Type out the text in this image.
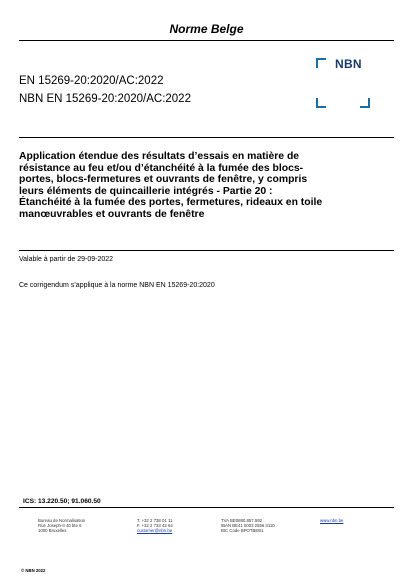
Norme Belge
EN 15269-20:2020/AC:2022
NBN EN 15269-20:2020/AC:2022
NBN
Application étendue des résultats d’essais en matière de
résistance au feu et/ou d’étanchéité à la fumée des blocs-
portes, blocs-fermetures et ouvrants de fenêtre, y compris
leurs éléments de quincaillerie intégrés - Partie 20 :
Étanchéité à la fumée des portes, fermetures, rideaux en toile
manœuvrables et ouvrants de fenêtre
Valable à partir de 29-09-2022
Ce corrigendum s’applique à la norme NBN EN 15269-20:2020
ICS: 13.220.50; 91.060.50
Bureau de Normalisation
Rue Joseph-II 40 bte 6
1000 Bruxelles
T. +32 2 738 01 11
F. +32 2 733 42 64
customer@nbn.be
TVA BE0880.857.592
IBAN BE41 0003 2556 3110
BIC Code BPOTBEB1
www.nbn.be
© NBN 2022
